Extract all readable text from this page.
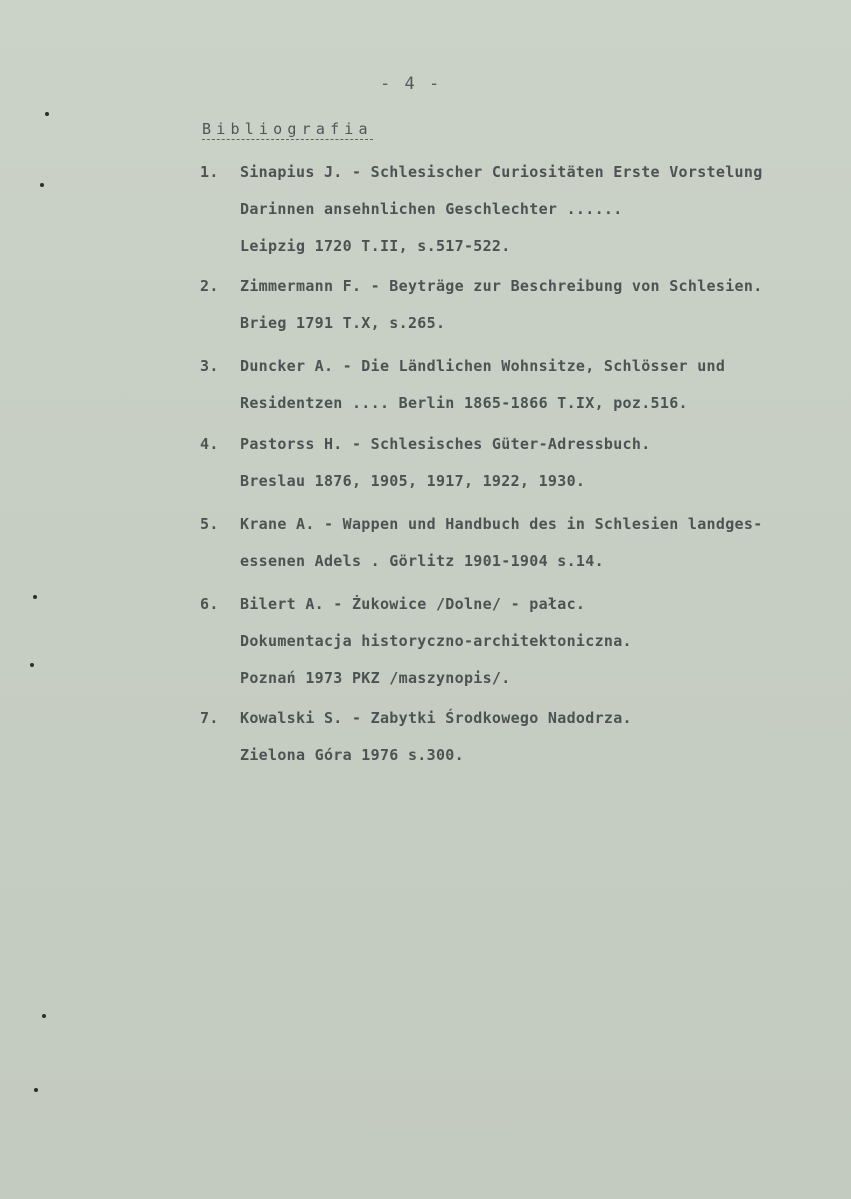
- 4 -
Bibliografia
1. Sinapius J. - Schlesischer Curiositäten Erste Vorstelung
Darinnen ansehnlichen Geschlechter ......
Leipzig 1720 T.II, s.517-522.
2. Zimmermann F. - Beyträge zur Beschreibung von Schlesien.
Brieg 1791 T.X, s.265.
3. Duncker A. - Die Ländlichen Wohnsitze, Schlösser und
Residentzen .... Berlin 1865-1866 T.IX, poz.516.
4. Pastorss H. - Schlesisches Güter-Adressbuch.
Breslau 1876, 1905, 1917, 1922, 1930.
5. Krane A. - Wappen und Handbuch des in Schlesien landges-
essenen Adels . Görlitz 1901-1904 s.14.
6. Bilert A. - Żukowice /Dolne/ - pałac.
Dokumentacja historyczno-architektoniczna.
Poznań 1973 PKZ /maszynopis/.
7. Kowalski S. - Zabytki Środkowego Nadodrza.
Zielona Góra 1976 s.300.
